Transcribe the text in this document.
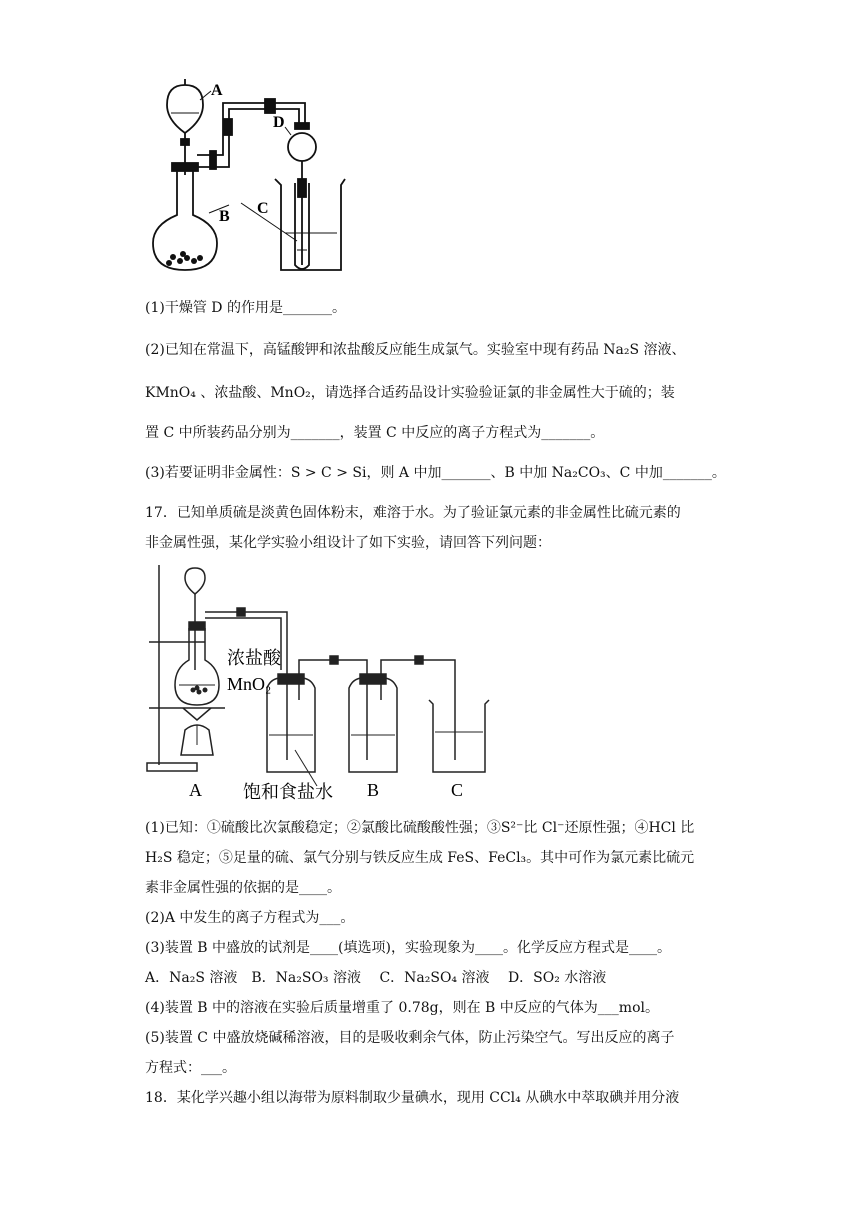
A
B C
D
(1)干燥管 D 的作用是_______。
(2)已知在常温下，高锰酸钾和浓盐酸反应能生成氯气。实验室中现有药品 Na₂S 溶液、
KMnO₄ 、浓盐酸、MnO₂，请选择合适药品设计实验验证氯的非金属性大于硫的；装
置 C 中所装药品分别为_______，装置 C 中反应的离子方程式为_______。
(3)若要证明非金属性：S > C > Si，则 A 中加_______、B 中加 Na₂CO₃、C 中加_______。
17．已知单质硫是淡黄色固体粉末，难溶于水。为了验证氯元素的非金属性比硫元素的
非金属性强，某化学实验小组设计了如下实验，请回答下列问题：
浓盐酸
MnO₂
A 饱和食盐水 B	C
(1)已知：①硫酸比次氯酸稳定；②氯酸比硫酸酸性强；③S²⁻比 Cl⁻还原性强；④HCl 比
H₂S 稳定；⑤足量的硫、氯气分别与铁反应生成 FeS、FeCl₃。其中可作为氯元素比硫元
素非金属性强的依据的是____。
(2)A 中发生的离子方程式为___。
(3)装置 B 中盛放的试剂是____(填选项)，实验现象为____。化学反应方程式是____。
A．Na₂S 溶液　B．Na₂SO₃ 溶液　 C．Na₂SO₄ 溶液　 D．SO₂ 水溶液
(4)装置 B 中的溶液在实验后质量增重了 0.78g，则在 B 中反应的气体为___mol。
(5)装置 C 中盛放烧碱稀溶液，目的是吸收剩余气体，防止污染空气。写出反应的离子
方程式：___。
18．某化学兴趣小组以海带为原料制取少量碘水，现用 CCl₄ 从碘水中萃取碘并用分液
